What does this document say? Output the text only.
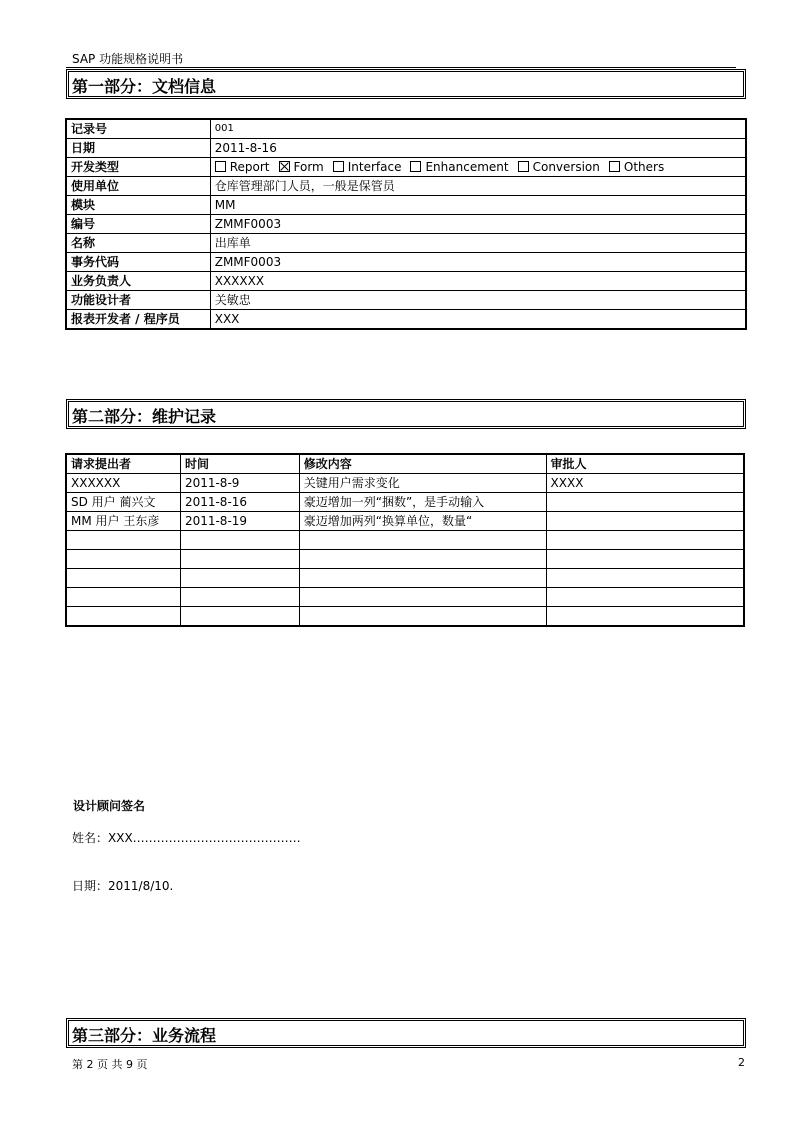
SAP 功能规格说明书
第一部分：文档信息
记录号	001
日期	2011-8-16
开发类型	Report Form Interface Enhancement Conversion Others
使用单位	仓库管理部门人员，一般是保管员
模块	MM
编号	ZMMF0003
名称	出库单
事务代码	ZMMF0003
业务负责人	XXXXXX
功能设计者	关敏忠
报表开发者 / 程序员	XXX
第二部分：维护记录
请求提出者	时间	修改内容	审批人
XXXXXX	2011-8-9	关键用户需求变化	XXXX
SD 用户 蔺兴文	2011-8-16	豪迈增加一列“捆数”，是手动输入	
MM 用户 王东彦	2011-8-19	豪迈增加两列“换算单位，数量“	

设计顾问签名
姓名：XXX……………………………………
日期：2011/8/10.
第三部分：业务流程
第 2 页 共 9 页	2
